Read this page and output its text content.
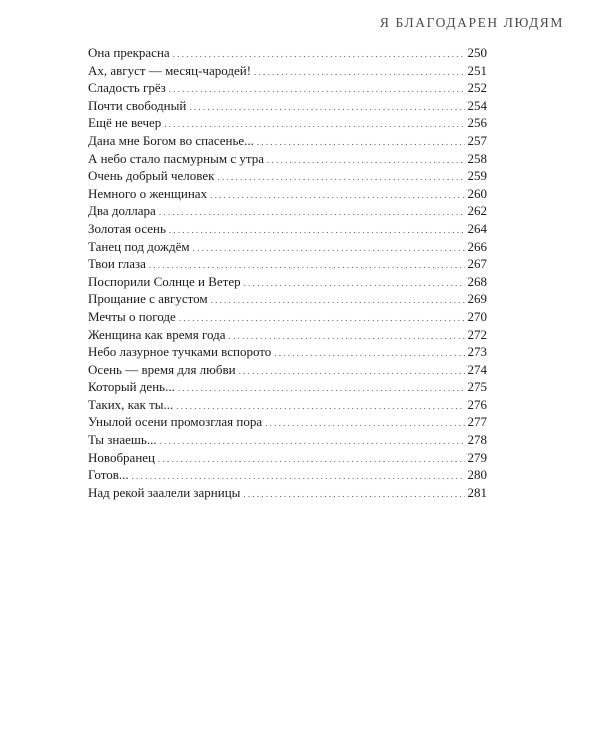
Я БЛАГОДАРЕН ЛЮДЯМ
Она прекрасна . . .	250
Ах, август — месяц-чародей! . . .	251
Сладость грёз . . .	252
Почти свободный . . .	254
Ещё не вечер . . .	256
Дана мне Богом во спасенье... . . .	257
А небо стало пасмурным с утра . . .	258
Очень добрый человек . . .	259
Немного о женщинах . . .	260
Два доллара . . .	262
Золотая осень . . .	264
Танец под дождём . . .	266
Твои глаза . . .	267
Поспорили Солнце и Ветер . . .	268
Прощание с августом . . .	269
Мечты о погоде . . .	270
Женщина как время года . . .	272
Небо лазурное тучками вспорото . . .	273
Осень — время для любви . . .	274
Который день... . . .	275
Таких, как ты... . . .	276
Унылой осени промозглая пора . . .	277
Ты знаешь... . . .	278
Новобранец . . .	279
Готов... . . .	280
Над рекой заалели зарницы . . .	281
